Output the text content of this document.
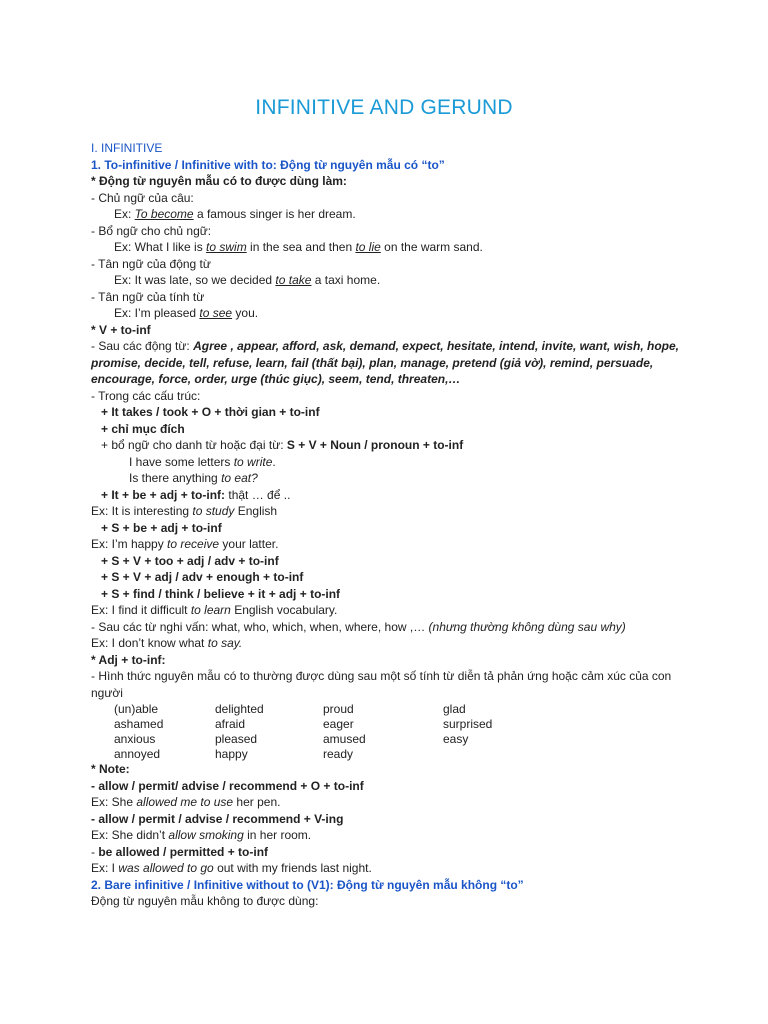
INFINITIVE AND GERUND
I. INFINITIVE
1. To-infinitive / Infinitive with to: Động từ nguyên mẫu có “to”
* Động từ nguyên mẫu có to được dùng làm:
- Chủ ngữ của câu:
Ex: To become a famous singer is her dream.
- Bổ ngữ cho chủ ngữ:
Ex: What I like is to swim in the sea and then to lie on the warm sand.
- Tân ngữ của động từ
Ex: It was late, so we decided to take a taxi home.
- Tân ngữ của tính từ
Ex: I’m pleased to see you.
* V + to-inf
- Sau các động từ: Agree , appear, afford, ask, demand, expect, hesitate, intend, invite, want, wish, hope, promise, decide, tell, refuse, learn, fail (thất bại), plan, manage, pretend (giả vờ), remind, persuade, encourage, force, order, urge (thúc giục), seem, tend, threaten,…
- Trong các cấu trúc:
+ It takes / took + O + thời gian + to-inf
+ chỉ mục đích
+ bổ ngữ cho danh từ hoặc đại từ: S + V + Noun / pronoun + to-inf
I have some letters to write.
Is there anything to eat?
+ It + be + adj + to-inf: thật … để ..
Ex: It is interesting to study English
+ S + be + adj + to-inf
Ex: I’m happy to receive your latter.
+ S + V + too + adj / adv + to-inf
+ S + V + adj / adv + enough + to-inf
+ S + find / think / believe + it + adj + to-inf
Ex: I find it difficult to learn English vocabulary.
- Sau các từ nghi vấn: what, who, which, when, where, how ,… (nhưng thường không dùng sau why)
Ex: I don’t know what to say.
* Adj + to-inf:
- Hình thức nguyên mẫu có to thường được dùng sau một số tính từ diễn tả phản ứng hoặc cảm xúc của con người
(un)able	delighted	proud	glad
ashamed	afraid	eager	surprised
anxious	pleased	amused	easy
annoyed	happy	ready
* Note:
- allow / permit/ advise / recommend + O + to-inf
Ex: She allowed me to use her pen.
- allow / permit / advise / recommend + V-ing
Ex: She didn’t allow smoking in her room.
- be allowed / permitted + to-inf
Ex: I was allowed to go out with my friends last night.
2. Bare infinitive / Infinitive without to (V1): Động từ nguyên mẫu không “to”
Động từ nguyên mẫu không to được dùng:
